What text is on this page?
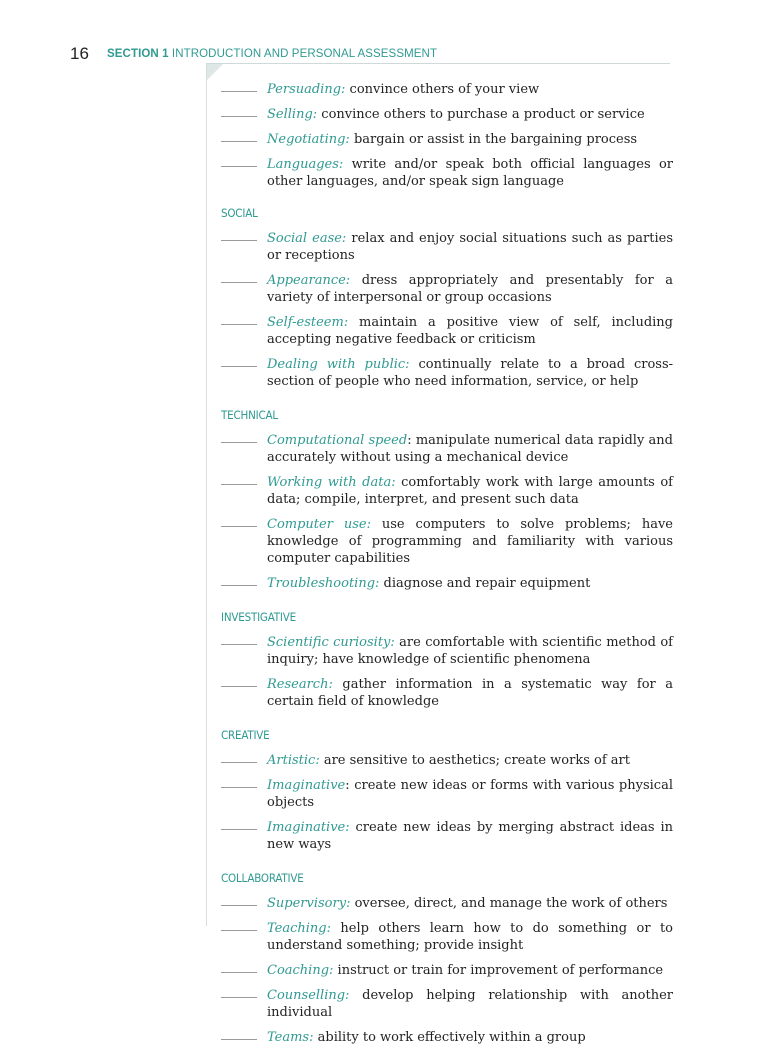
16 SECTION 1 INTRODUCTION AND PERSONAL ASSESSMENT
Persuading: convince others of your view
Selling: convince others to purchase a product or service
Negotiating: bargain or assist in the bargaining process
Languages: write and/or speak both official languages or other languages, and/or speak sign language
SOCIAL
Social ease: relax and enjoy social situations such as parties or receptions
Appearance: dress appropriately and presentably for a variety of interpersonal or group occasions
Self-esteem: maintain a positive view of self, including accepting negative feedback or criticism
Dealing with public: continually relate to a broad cross-section of people who need information, service, or help
TECHNICAL
Computational speed: manipulate numerical data rapidly and accurately without using a mechanical device
Working with data: comfortably work with large amounts of data; compile, interpret, and present such data
Computer use: use computers to solve problems; have knowledge of programming and familiarity with various computer capabilities
Troubleshooting: diagnose and repair equipment
INVESTIGATIVE
Scientific curiosity: are comfortable with scientific method of inquiry; have knowledge of scientific phenomena
Research: gather information in a systematic way for a certain field of knowledge
CREATIVE
Artistic: are sensitive to aesthetics; create works of art
Imaginative: create new ideas or forms with various physical objects
Imaginative: create new ideas by merging abstract ideas in new ways
COLLABORATIVE
Supervisory: oversee, direct, and manage the work of others
Teaching: help others learn how to do something or to understand something; provide insight
Coaching: instruct or train for improvement of performance
Counselling: develop helping relationship with another individual
Teams: ability to work effectively within a group
